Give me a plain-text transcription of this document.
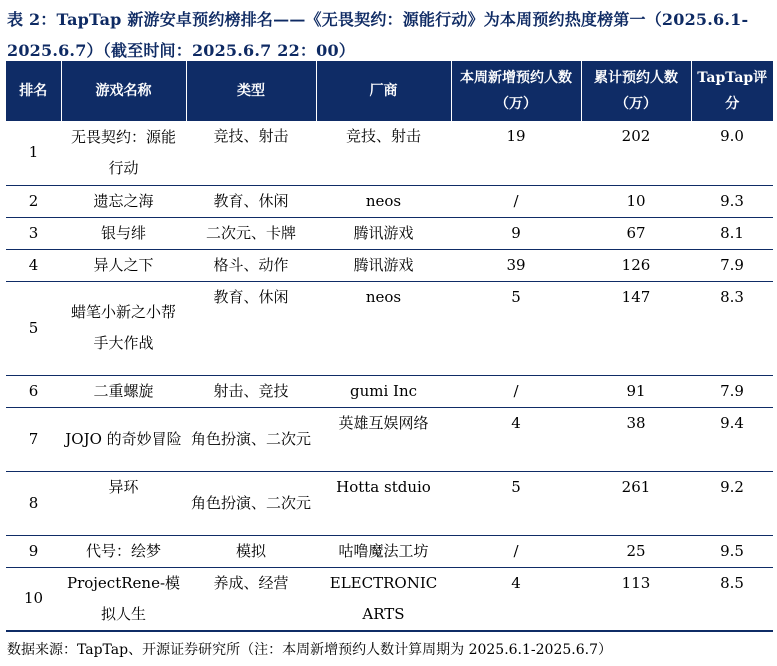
表 2：TapTap 新游安卓预约榜排名——《无畏契约：源能行动》为本周预约热度榜第一（2025.6.1-2025.6.7）（截至时间：2025.6.7 22：00）
排名	游戏名称	类型	厂商	本周新增预约人数（万）	累计预约人数（万）	TapTap评分
1	无畏契约：源能行动	竞技、射击	竞技、射击	19	202	9.0
2	遗忘之海	教育、休闲	neos	/	10	9.3
3	银与绯	二次元、卡牌	腾讯游戏	9	67	8.1
4	异人之下	格斗、动作	腾讯游戏	39	126	7.9
5	蜡笔小新之小帮手大作战	教育、休闲	neos	5	147	8.3
6	二重螺旋	射击、竞技	gumi Inc	/	91	7.9
7	JOJO 的奇妙冒险	角色扮演、二次元	英雄互娱网络	4	38	9.4
8	异环	角色扮演、二次元	Hotta stduio	5	261	9.2
9	代号：绘梦	模拟	咕噜魔法工坊	/	25	9.5
10	ProjectRene-模拟人生	养成、经营	ELECTRONIC ARTS	4	113	8.5
数据来源：TapTap、开源证券研究所（注：本周新增预约人数计算周期为 2025.6.1-2025.6.7）
